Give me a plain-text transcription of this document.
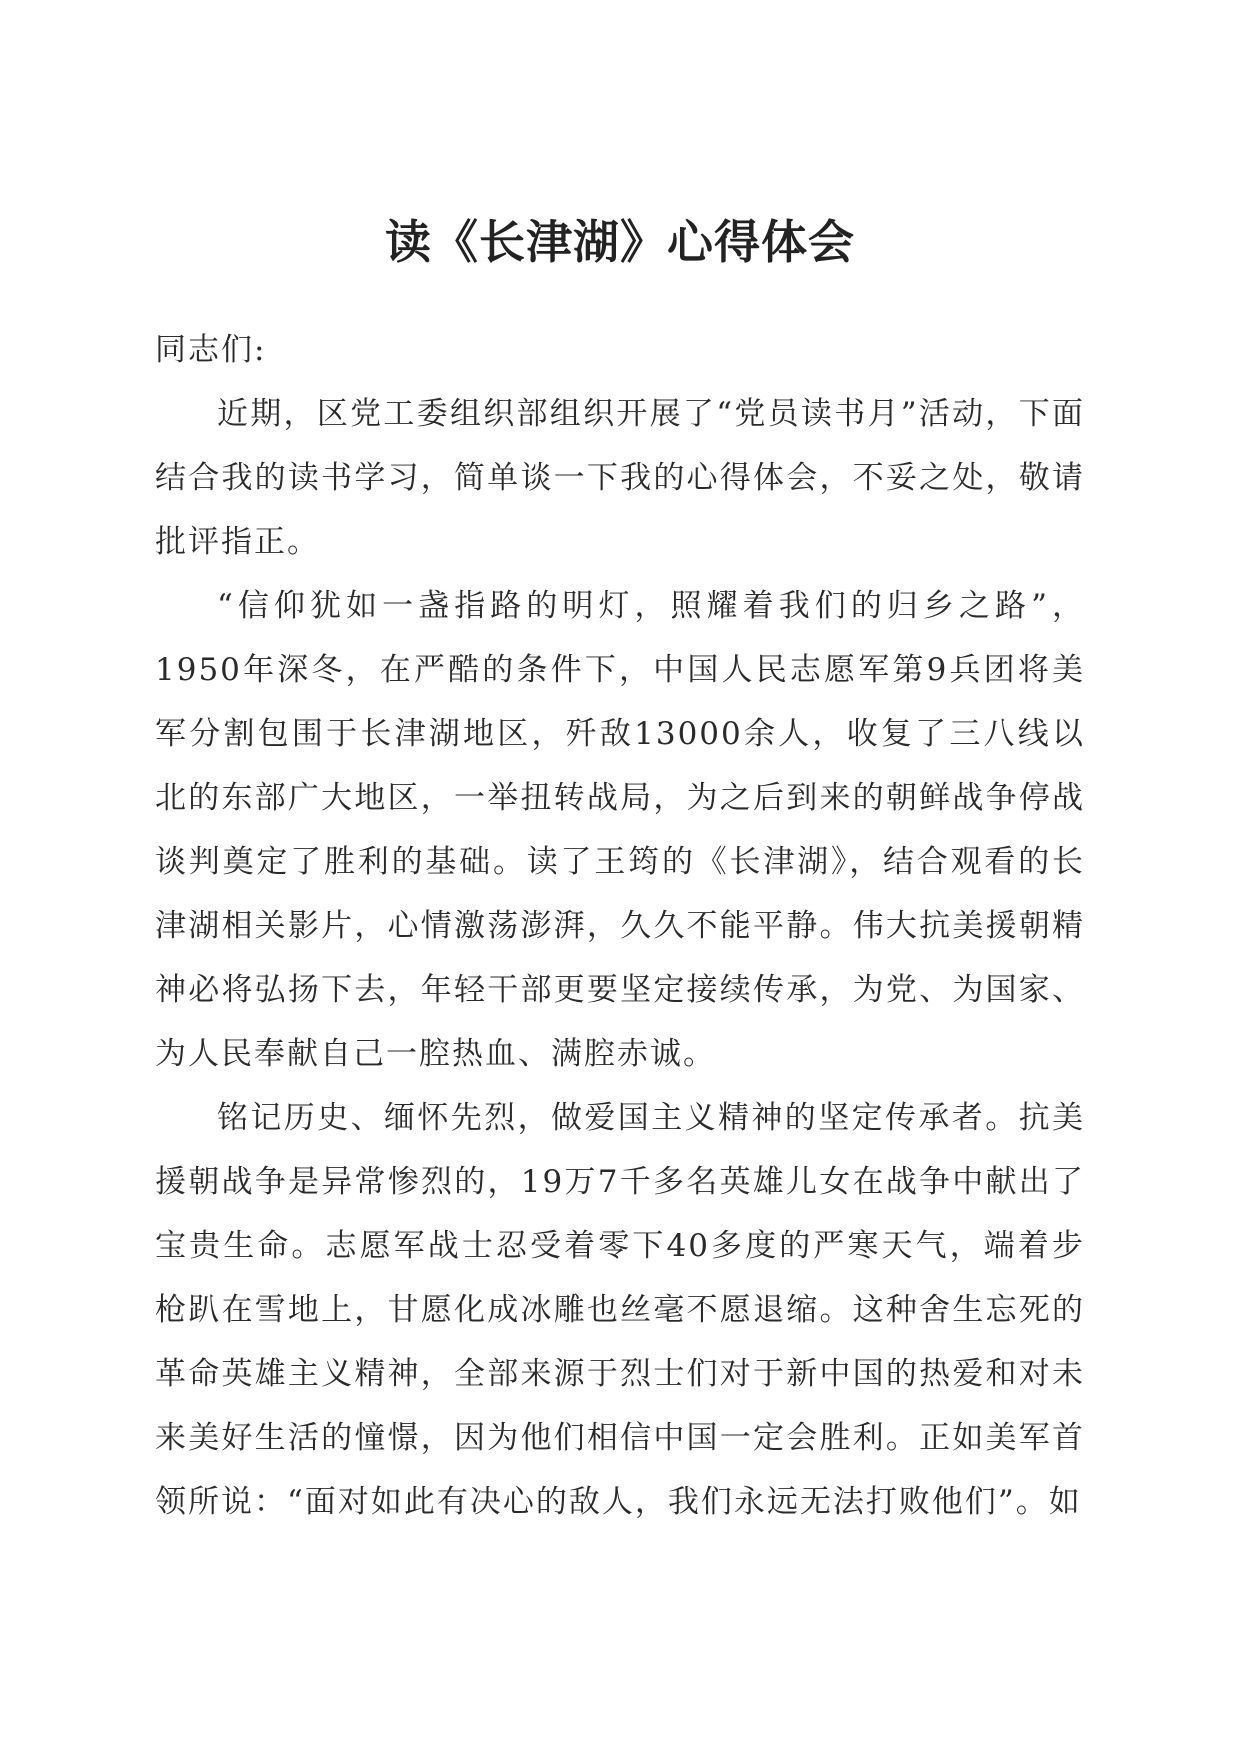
读《长津湖》心得体会

同志们:

近期，区党工委组织部组织开展了“党员读书月”活动，下面结合我的读书学习，简单谈一下我的心得体会，不妥之处，敬请批评指正。

“信仰犹如一盏指路的明灯，照耀着我们的归乡之路”，1950年深冬，在严酷的条件下，中国人民志愿军第9兵团将美军分割包围于长津湖地区，歼敌13000余人，收复了三八线以北的东部广大地区，一举扭转战局，为之后到来的朝鲜战争停战谈判奠定了胜利的基础。读了王筠的《长津湖》，结合观看的长津湖相关影片，心情激荡澎湃，久久不能平静。伟大抗美援朝精神必将弘扬下去，年轻干部更要坚定接续传承，为党、为国家、为人民奉献自己一腔热血、满腔赤诚。

铭记历史、缅怀先烈，做爱国主义精神的坚定传承者。抗美援朝战争是异常惨烈的，19万7千多名英雄儿女在战争中献出了宝贵生命。志愿军战士忍受着零下40多度的严寒天气，端着步枪趴在雪地上，甘愿化成冰雕也丝毫不愿退缩。这种舍生忘死的革命英雄主义精神，全部来源于烈士们对于新中国的热爱和对未来美好生活的憧憬，因为他们相信中国一定会胜利。正如美军首领所说：“面对如此有决心的敌人，我们永远无法打败他们”。如
